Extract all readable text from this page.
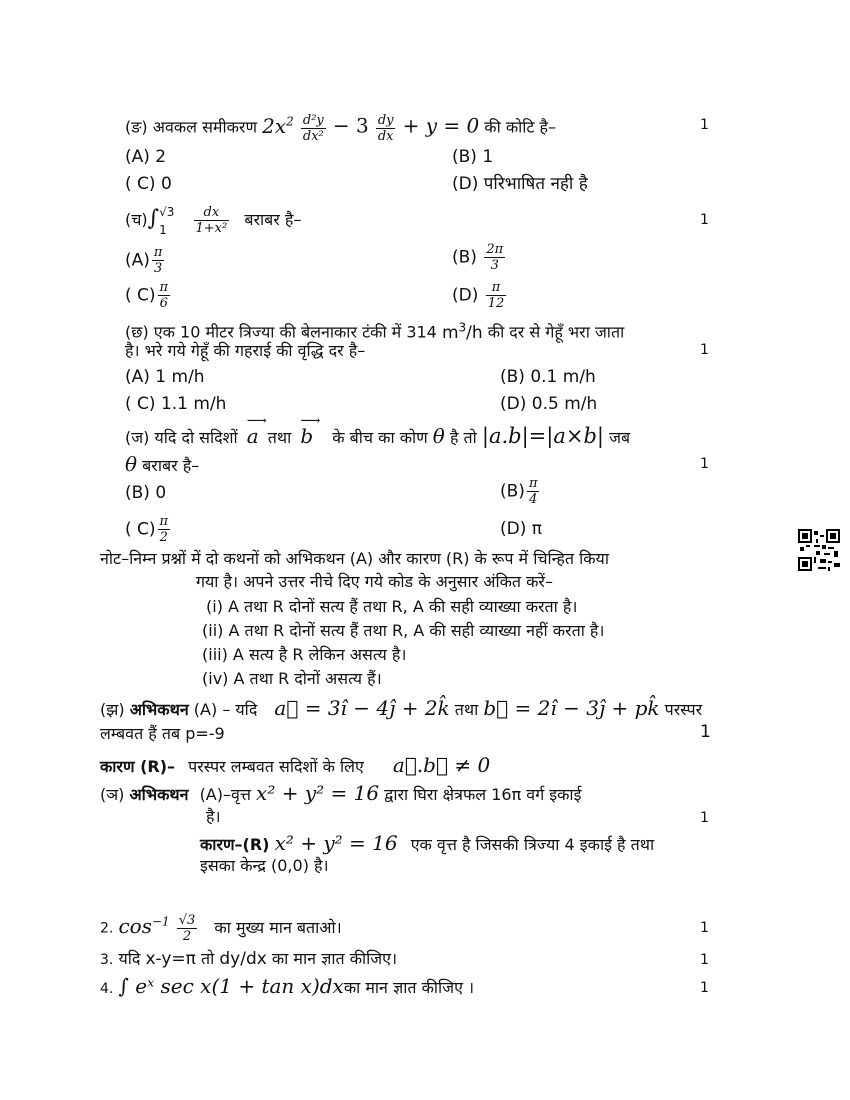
(ङ) अवकल समीकरण $2x^2 \frac{\text{d²y}}{\text{dx²}} - 3 \frac{dy}{dx} + y = 0$ की कोटि है–	1
(A) 2	(B) 1
( C) 0	(D) परिभाषित नही है
(च)∫ √3
1
	$\frac{dx}{\text{1+x²}}$ बराबर है–	1
$(A) \frac{\pi}{3}$	$(B) \frac{2\pi}{3}$
( $C) \frac{\pi}{6}$	$(D) \frac{\pi}{12}$
(छ) एक 10 मीटर त्रिज्या की बेलनाकार टंकी में 314 $m^3/h$ की दर से गेहूँ भरा जाता
है। भरे गये गेहूँ की गहराई की वृद्धि दर है–	1
(A) 1 m/h	(B) 0.1 m/h
( C) 1.1 m/h	(D) 0.5 m/h
(ज) यदि दो सदिशों
⟶
a तथा
⟶
b के बीच का कोण θ है तो |a.b|=|a×b| जब
θ बराबर है–	1
(B) 0	$(B) \frac{\pi}{4}$
( $C) \frac{\pi}{2}$	(D) π
नोट–निम्न प्रश्नों में दो कथनों को अभिकथन (A) और कारण (R) के रूप में चिन्हित किया
गया है। अपने उत्तर नीचे दिए गये कोड के अनुसार अंकित करें–
(i) A तथा R दोनों सत्य हैं तथा R, A की सही व्याख्या करता है।
(ii) A तथा R दोनों सत्य हैं तथा R, A की सही व्याख्या नहीं करता है।
(iii) A सत्य है R लेकिन असत्य है।
(iv) A तथा R दोनों असत्य हैं।
(झ) अभिकथन (A) – यदि a⃗ = 3î − 4ĵ + 2k̂ तथा b⃗ = 2î − 3ĵ + pk̂ परस्पर
लम्बवत हैं तब p=-9	1
कारण (R)– परस्पर लम्बवत सदिशों के लिए a⃗.b⃗ ≠ 0
(ञ) अभिकथन (A)–वृत्त x² + y² = 16 द्वारा घिरा क्षेत्रफल 16π वर्ग इकाई
है।	1
कारण–(R) x² + y² = 16 एक वृत्त है जिसकी त्रिज्या 4 इकाई है तथा
इसका केन्द्र (0,0) है।
2. $\cos^{-1} \frac{√3}{2}$ का मुख्य मान बताओ।	1
3. यदि x-y=π तो dy/dx का मान ज्ञात कीजिए।	1
4. ∫ eˣ sec x(1 + tan x)dxका मान ज्ञात कीजिए ।	1
